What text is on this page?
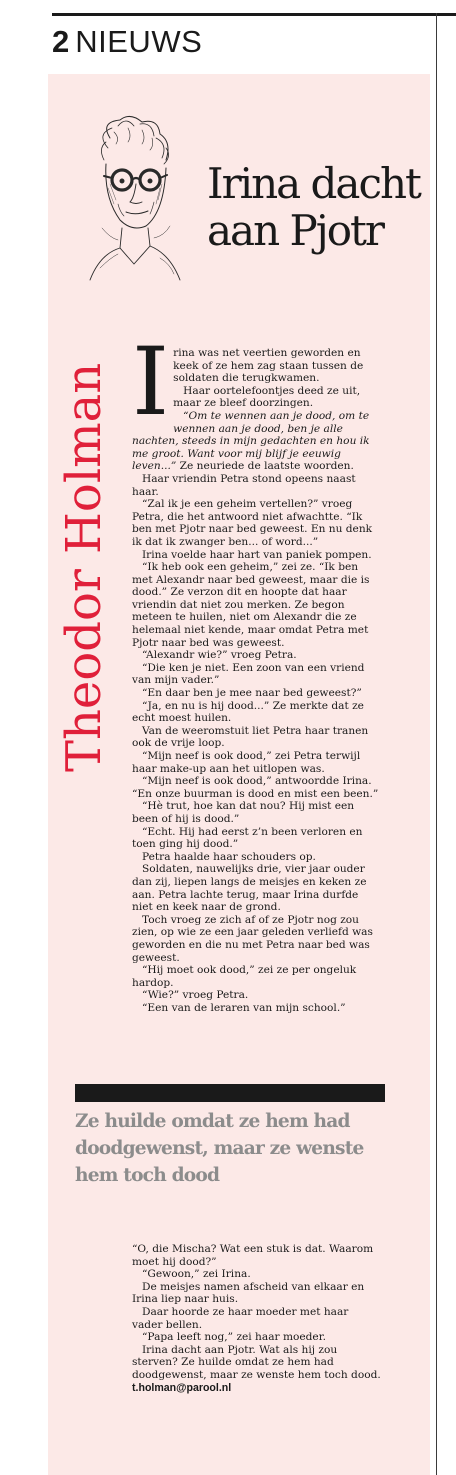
2 NIEUWS
Irina dacht
aan Pjotr
Theodor Holman I rina was net veertien geworden en keek of ze hem zag staan tussen de soldaten die terugkwamen.

Haar oortelefoontjes deed ze uit, maar ze bleef doorzingen.

“Om te wennen aan je dood, om te wennen aan je dood, ben je alle nachten, steeds in mijn gedachten en hou ik me groot. Want voor mij blijf je eeuwig leven...” Ze neuriede de laatste woorden.

Haar vriendin Petra stond opeens naast haar.

“Zal ik je een geheim vertellen?” vroeg Petra, die het antwoord niet afwachtte. “Ik ben met Pjotr naar bed geweest. En nu denk ik dat ik zwanger ben... of word...”

Irina voelde haar hart van paniek pompen.

“Ik heb ook een geheim,” zei ze. “Ik ben met Alexandr naar bed geweest, maar die is dood.” Ze verzon dit en hoopte dat haar vriendin dat niet zou merken. Ze begon meteen te huilen, niet om Alexandr die ze helemaal niet kende, maar omdat Petra met Pjotr naar bed was geweest.

“Alexandr wie?” vroeg Petra.

“Die ken je niet. Een zoon van een vriend van mijn vader.”

“En daar ben je mee naar bed geweest?”

“Ja, en nu is hij dood...” Ze merkte dat ze echt moest huilen.

Van de weeromstuit liet Petra haar tranen ook de vrije loop.

“Mijn neef is ook dood,” zei Petra terwijl haar make-up aan het uitlopen was.

“Mijn neef is ook dood,” antwoordde Irina. “En onze buurman is dood en mist een been.”

“Hè trut, hoe kan dat nou? Hij mist een been of hij is dood.”

“Echt. Hij had eerst z’n been verloren en toen ging hij dood.”

Petra haalde haar schouders op.

Soldaten, nauwelijks drie, vier jaar ouder dan zij, liepen langs de meisjes en keken ze aan. Petra lachte terug, maar Irina durfde niet en keek naar de grond.

Toch vroeg ze zich af of ze Pjotr nog zou zien, op wie ze een jaar geleden verliefd was geworden en die nu met Petra naar bed was geweest.

“Hij moet ook dood,” zei ze per ongeluk hardop.

“Wie?” vroeg Petra.

“Een van de leraren van mijn school.”

Ze huilde omdat ze hem had doodgewenst, maar ze wenste hem toch dood

“O, die Mischa? Wat een stuk is dat. Waarom moet hij dood?”

“Gewoon,” zei Irina.

De meisjes namen afscheid van elkaar en Irina liep naar huis.

Daar hoorde ze haar moeder met haar vader bellen.

“Papa leeft nog,” zei haar moeder.

Irina dacht aan Pjotr. Wat als hij zou sterven? Ze huilde omdat ze hem had doodgewenst, maar ze wenste hem toch dood.

t.holman@parool.nl
